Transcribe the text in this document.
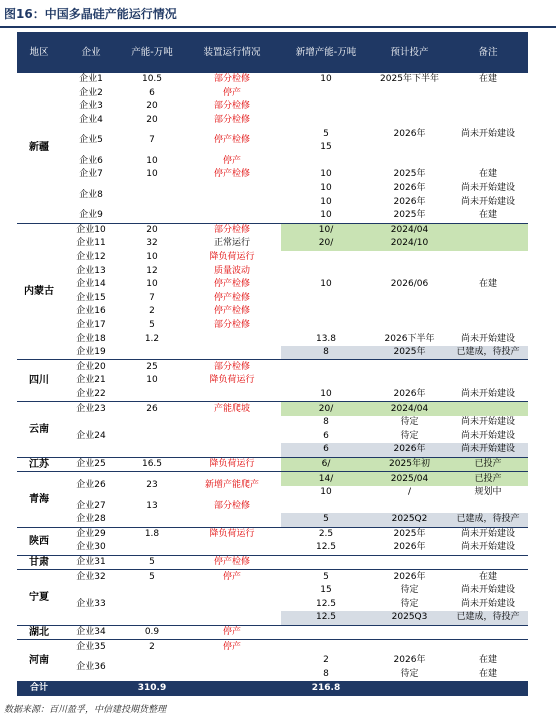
图16：中国多晶硅产能运行情况
地区	企业	产能-万吨	装置运行情况	新增产能-万吨	预计投产	备注
新疆	企业1	10.5	部分检修	10	2025年下半年	在建
	企业2	6	停产			
	企业3	20	部分检修			
	企业4	20	部分检修			
	企业5	7	停产检修	5	2026年	尚未开始建设
				15		
	企业6	10	停产			
	企业7	10	停产检修	10	2025年	在建
	企业8			10	2026年	尚未开始建设
				10	2026年	尚未开始建设
	企业9			10	2025年	在建
内蒙古	企业10	20	部分检修	10/	2024/04	
	企业11	32	正常运行	20/	2024/10	
	企业12	10	降负荷运行			
	企业13	12	质量波动			
	企业14	10	停产检修	10	2026/06	在建
	企业15	7	停产检修			
	企业16	2	停产检修			
	企业17	5	部分检修			
	企业18	1.2		13.8	2026下半年	尚未开始建设
	企业19			8	2025年	已建成，待投产
四川	企业20	25	部分检修			
	企业21	10	降负荷运行			
	企业22			10	2026年	尚未开始建设
云南	企业23	26	产能爬坡	20/	2024/04	
	企业24			8	待定	尚未开始建设
				6	待定	尚未开始建设
				6	2026年	尚未开始建设
江苏	企业25	16.5	降负荷运行	6/	2025年初	已投产
青海	企业26	23	新增产能爬产	14/	2025/04	已投产
				10	/	规划中
	企业27	13	部分检修			
	企业28			5	2025Q2	已建成，待投产
陕西	企业29	1.8	降负荷运行	2.5	2025年	尚未开始建设
	企业30			12.5	2026年	尚未开始建设
甘肃	企业31	5	停产检修			
宁夏	企业32	5	停产	5	2026年	在建
	企业33			15	待定	尚未开始建设
				12.5	待定	尚未开始建设
				12.5	2025Q3	已建成，待投产
湖北	企业34	0.9	停产			
河南	企业35	2	停产			
	企业36			2	2026年	在建
				8	待定	在建
合计		310.9		216.8		
数据来源：百川盈孚，中信建投期货整理
